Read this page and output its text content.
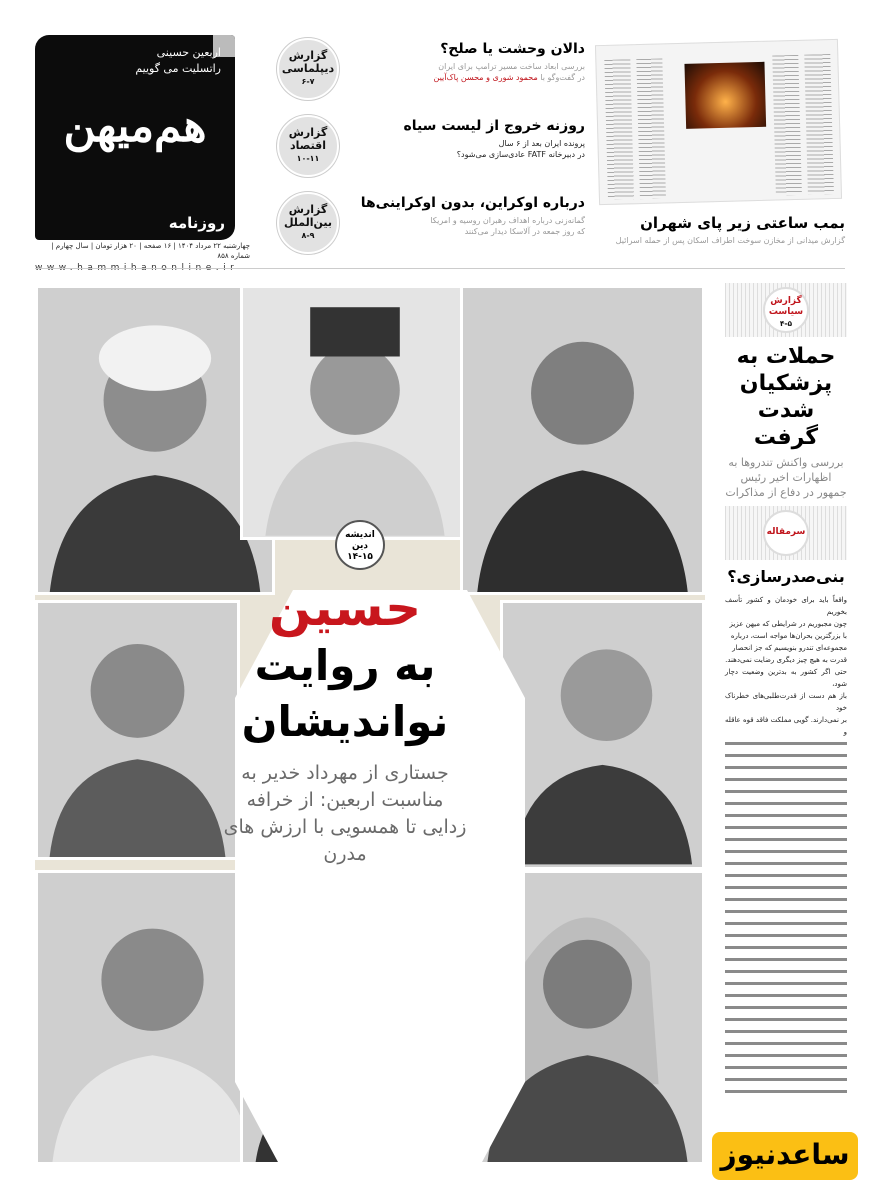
اربعین حسینی
راتسلیت می گوییم
هم‌میهن
روزنامه
چهارشنبه ۲۲ مرداد ۱۴۰۴ | ۱۶ صفحه | ۲۰ هزار تومان | سال چهارم | شماره ۸۵۸
www.hammihanonline.ir
گزارش دیپلماسی
۶-۷
دالان وحشت یا صلح؟

بررسی ابعاد ساخت مسیر ترامپ برای ایران
در گفت‌وگو با محمود شوری و محسن پاک‌آیین

گزارش اقتصاد
۱۰-۱۱
روزنه خروج از لیست سیاه

پرونده ایران بعد از ۶ سال
در دبیرخانه FATF عادی‌سازی می‌شود؟

گزارش بین‌الملل
۸-۹
درباره اوکراین، بدون اوکراینی‌ها

گمانه‌زنی درباره اهداف رهبران روسیه و امریکا
که روز جمعه در آلاسکا دیدار می‌کنند	بمب ساعتی زیر پای شهران
گزارش میدانی از مخازن سوخت اطراف اسکان پس از حمله اسرائیل
اندیشه دین
۱۴-۱۵
حسین
به روایت
نواندیشان
جستاری از مهرداد خدیر به مناسبت اربعین: از خرافه زدایی تا همسویی با ارزش های مدرن
گزارش سیاست
۴-۵
حملات به پزشکیان شدت گرفت
بررسی واکنش تندروها به اظهارات اخیر رئیس جمهور در دفاع از مذاکرات
سرمقاله
بنی‌صدرسازی؟
واقعاً باید برای خودمان و کشور تأسف بخوریم
چون مجبوریم در شرایطی که میهن عزیز
با بزرگترین بحران‌ها مواجه است، درباره
مجموعه‌ای تندرو بنویسیم که جز انحصار
قدرت به هیچ چیز دیگری رضایت نمی‌دهند.
حتی اگر کشور به بدترین وضعیت دچار شود،
باز هم دست از قدرت‌طلبی‌های خطرناک خود
بر نمی‌دارند. گویی مملکت فاقد قوه عاقله و
ساعدنیوز
